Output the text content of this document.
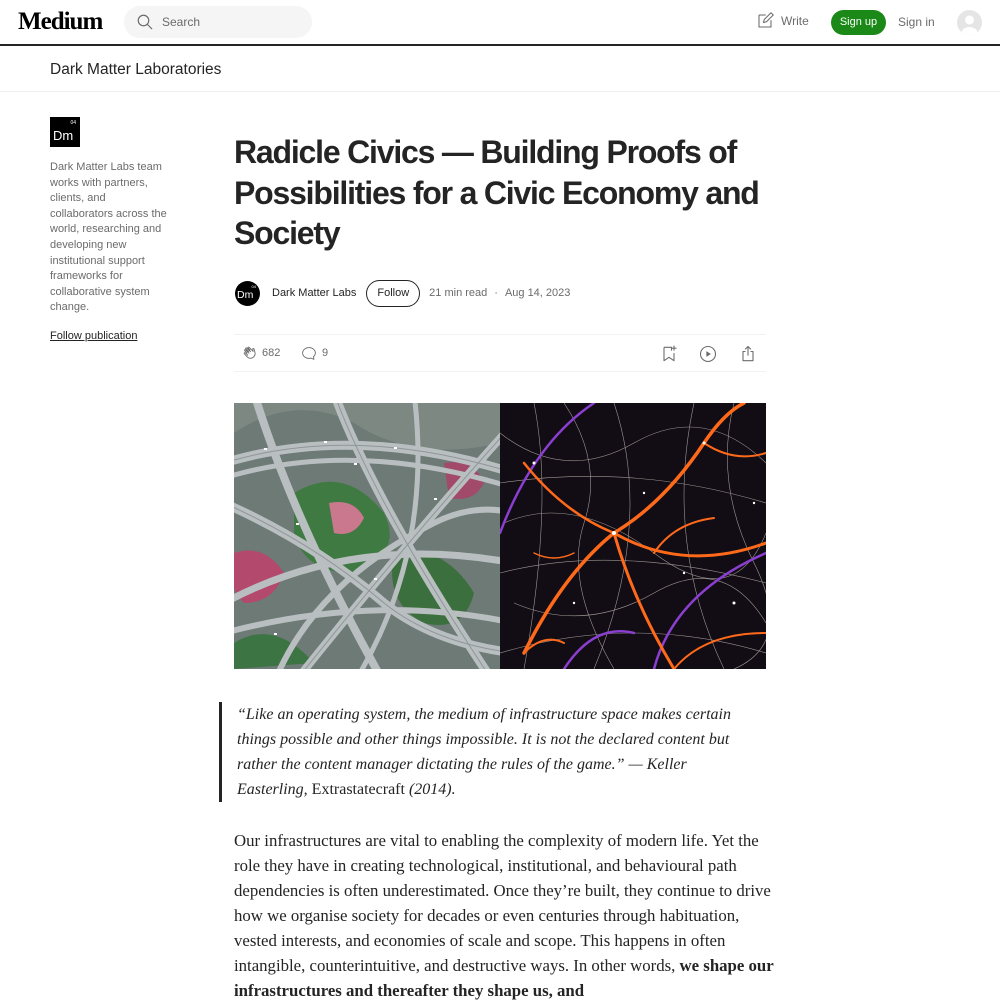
Medium
Search	Write	Sign up	Sign in
Dark Matter Laboratories
Dm
04
Dark Matter Labs team works with partners, clients, and collaborators across the world, researching and developing new institutional support frameworks for collaborative system change.
Follow publication
Radicle Civics — Building Proofs of Possibilities for a Civic Economy and Society
Dm
04
Dark Matter Labs	Follow	21 min read · Aug 14, 2023
682	9
“Like an operating system, the medium of infrastructure space makes certain things possible and other things impossible. It is not the declared content but rather the content manager dictating the rules of the game.” — Keller Easterling, Extrastatecraft (2014).
Our infrastructures are vital to enabling the complexity of modern life. Yet the role they have in creating technological, institutional, and behavioural path dependencies is often underestimated. Once they’re built, they continue to drive how we organise society for decades or even centuries through habituation, vested interests, and economies of scale and scope. This happens in often intangible, counterintuitive, and destructive ways. In other words, we shape our infrastructures and thereafter they shape us, and
